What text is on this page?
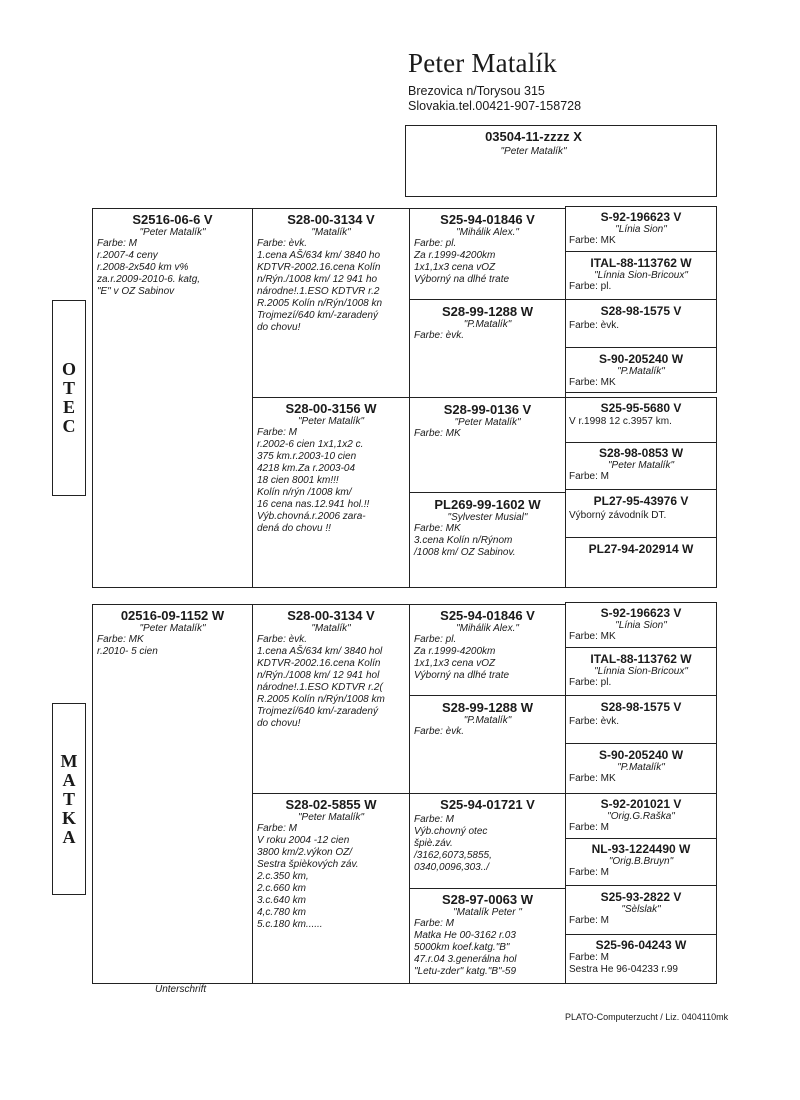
Peter Matalík
Brezovica n/Torysou 315
Slovakia.tel.00421-907-158728
03504-11-zzzz X
"Peter Matalík"
O
T
E
C
M
A
T
K
A
S2516-06-6 V
"Peter Matalík"
Farbe: M
r.2007-4 ceny
r.2008-2x540 km v%
za.r.2009-2010-6. katg,
"E" v OZ Sabinov
S28-00-3134 V
"Matalík"
Farbe: èvk.
1.cena AŠ/634 km/ 3840 ho
KDTVR-2002.16.cena Kolín
n/Rýn./1008 km/ 12 941 ho
národne!.1.ESO KDTVR r.2
R.2005 Kolín n/Rýn/1008 kn
Trojmezí/640 km/-zaradený
do chovu!
S28-00-3156 W
"Peter Matalík"
Farbe: M
r.2002-6 cien 1x1,1x2 c.
375 km.r.2003-10 cien
4218 km.Za r.2003-04
18 cien 8001 km!!!
Kolín n/rýn /1008 km/
16 cena nas.12.941 hol.!!
Výb.chovná.r.2006 zara-
dená do chovu !!
S25-94-01846 V
"Mihálik Alex."
Farbe: pl.
Za r.1999-4200km
1x1,1x3 cena vOZ
Výborný na dlhé trate
S28-99-1288 W
"P.Matalík"
Farbe: èvk.
S28-99-0136 V
"Peter Matalík"
Farbe: MK
PL269-99-1602 W
"Sylvester Musial"
Farbe: MK
3.cena Kolín n/Rýnom
/1008 km/ OZ Sabinov.
S-92-196623 V
"Línia Sion"
Farbe: MK
ITAL-88-113762 W
"Línnia Sion-Bricoux"
Farbe: pl.
S28-98-1575 V
Farbe: èvk.
S-90-205240 W
"P.Matalík"
Farbe: MK
S25-95-5680 V
V r.1998 12 c.3957 km.
S28-98-0853 W
"Peter Matalík"
Farbe: M
PL27-95-43976 V
Výborný závodník DT.
PL27-94-202914 W
02516-09-1152 W
"Peter Matalík"
Farbe: MK
r.2010- 5 cien
S28-00-3134 V
"Matalík"
Farbe: èvk.
1.cena AŠ/634 km/ 3840 hol
KDTVR-2002.16.cena Kolín
n/Rýn./1008 km/ 12 941 hol
národne!.1.ESO KDTVR r.2(
R.2005 Kolín n/Rýn/1008 km
Trojmezí/640 km/-zaradený
do chovu!
S28-02-5855 W
"Peter Matalík"
Farbe: M
V roku 2004 -12 cien
3800 km/2.výkon OZ/
Sestra špièkových záv.
2.c.350 km,
2.c.660 km
3.c.640 km
4,c.780 km
5.c.180 km......
S25-94-01846 V
"Mihálik Alex."
Farbe: pl.
Za r.1999-4200km
1x1,1x3 cena vOZ
Výborný na dlhé trate
S28-99-1288 W
"P.Matalík"
Farbe: èvk.
S25-94-01721 V
Farbe: M
Výb.chovný otec
špiè.záv.
/3162,6073,5855,
0340,0096,303../
S28-97-0063 W
"Matalík Peter "
Farbe: M
Matka He 00-3162 r.03
5000km koef.katg."B"
47.r.04 3.generálna hol
"Letu-zder" katg."B"-59
S-92-196623 V
"Línia Sion"
Farbe: MK
ITAL-88-113762 W
"Línnia Sion-Bricoux"
Farbe: pl.
S28-98-1575 V
Farbe: èvk.
S-90-205240 W
"P.Matalík"
Farbe: MK
S-92-201021 V
"Orig.G.Raška"
Farbe: M
NL-93-1224490 W
"Orig.B.Bruyn"
Farbe: M
S25-93-2822 V
"Sèlslak"
Farbe: M
S25-96-04243 W
Farbe: M
Sestra He 96-04233 r.99
Unterschrift
PLATO-Computerzucht / Liz. 0404110mk
